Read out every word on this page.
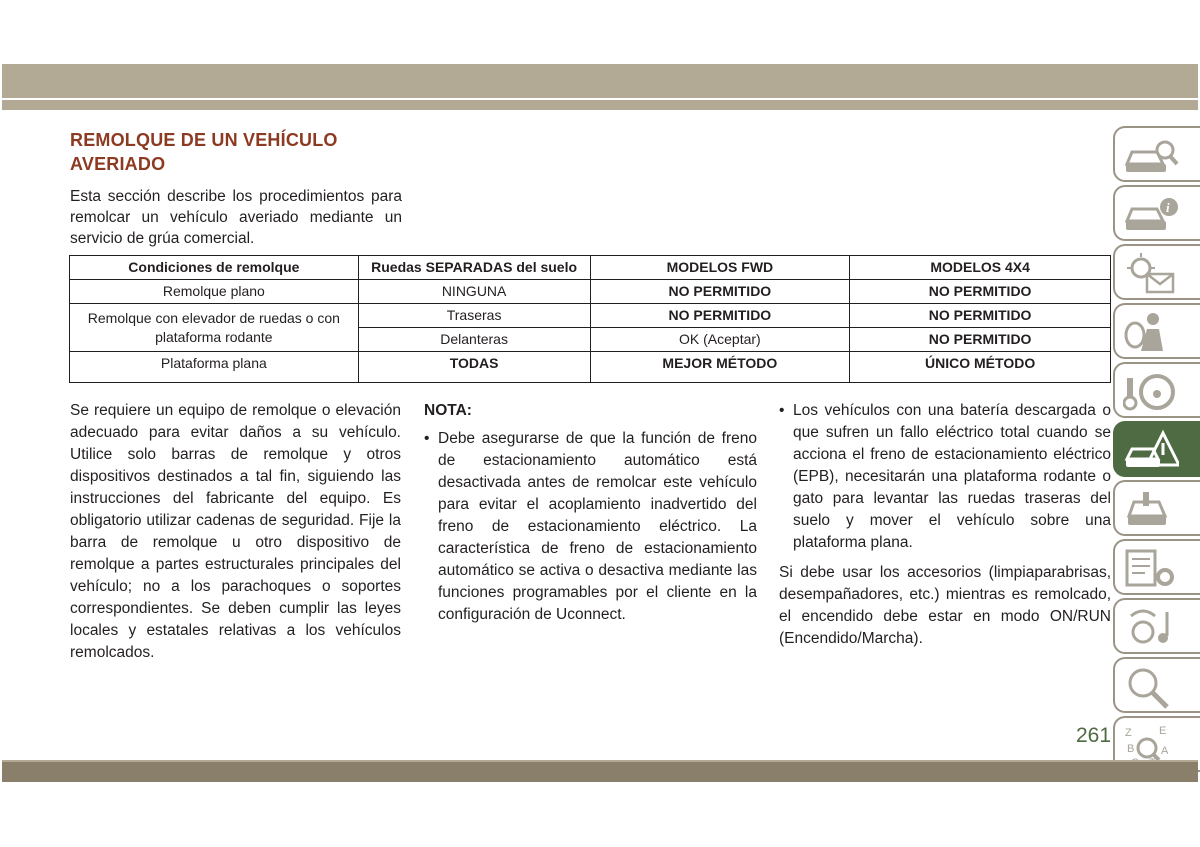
REMOLQUE DE UN VEHÍCULO
AVERIADO
Esta sección describe los procedimientos para remolcar un vehículo averiado mediante un servicio de grúa comercial.
Condiciones de remolque	Ruedas SEPARADAS del suelo	MODELOS FWD	MODELOS 4X4
Remolque plano	NINGUNA	NO PERMITIDO	NO PERMITIDO
Remolque con elevador de ruedas o con plataforma rodante	Traseras	NO PERMITIDO	NO PERMITIDO
	Delanteras	OK (Aceptar)	NO PERMITIDO
Plataforma plana	TODAS	MEJOR MÉTODO	ÚNICO MÉTODO
Se requiere un equipo de remolque o elevación adecuado para evitar daños a su vehículo. Utilice solo barras de remolque y otros dispositivos destinados a tal fin, siguiendo las instrucciones del fabricante del equipo. Es obligatorio utilizar cadenas de seguridad. Fije la barra de remolque u otro dispositivo de remolque a partes estructurales principales del vehículo; no a los parachoques o soportes correspondientes. Se deben cumplir las leyes locales y estatales relativas a los vehículos remolcados.
NOTA:
• Debe asegurarse de que la función de freno de estacionamiento automático está desactivada antes de remolcar este vehículo para evitar el acoplamiento inadvertido del freno de estacionamiento eléctrico. La característica de freno de estacionamiento automático se activa o desactiva mediante las funciones programables por el cliente en la configuración de Uconnect.
• Los vehículos con una batería descargada o que sufren un fallo eléctrico total cuando se acciona el freno de estacionamiento eléctrico (EPB), necesitarán una plataforma rodante o gato para levantar las ruedas traseras del suelo y mover el vehículo sobre una plataforma plana.
Si debe usar los accesorios (limpiaparabrisas, desempañadores, etc.) mientras es remolcado, el encendido debe estar en modo ON/RUN (Encendido/Marcha).
i
Z E
B A
261
